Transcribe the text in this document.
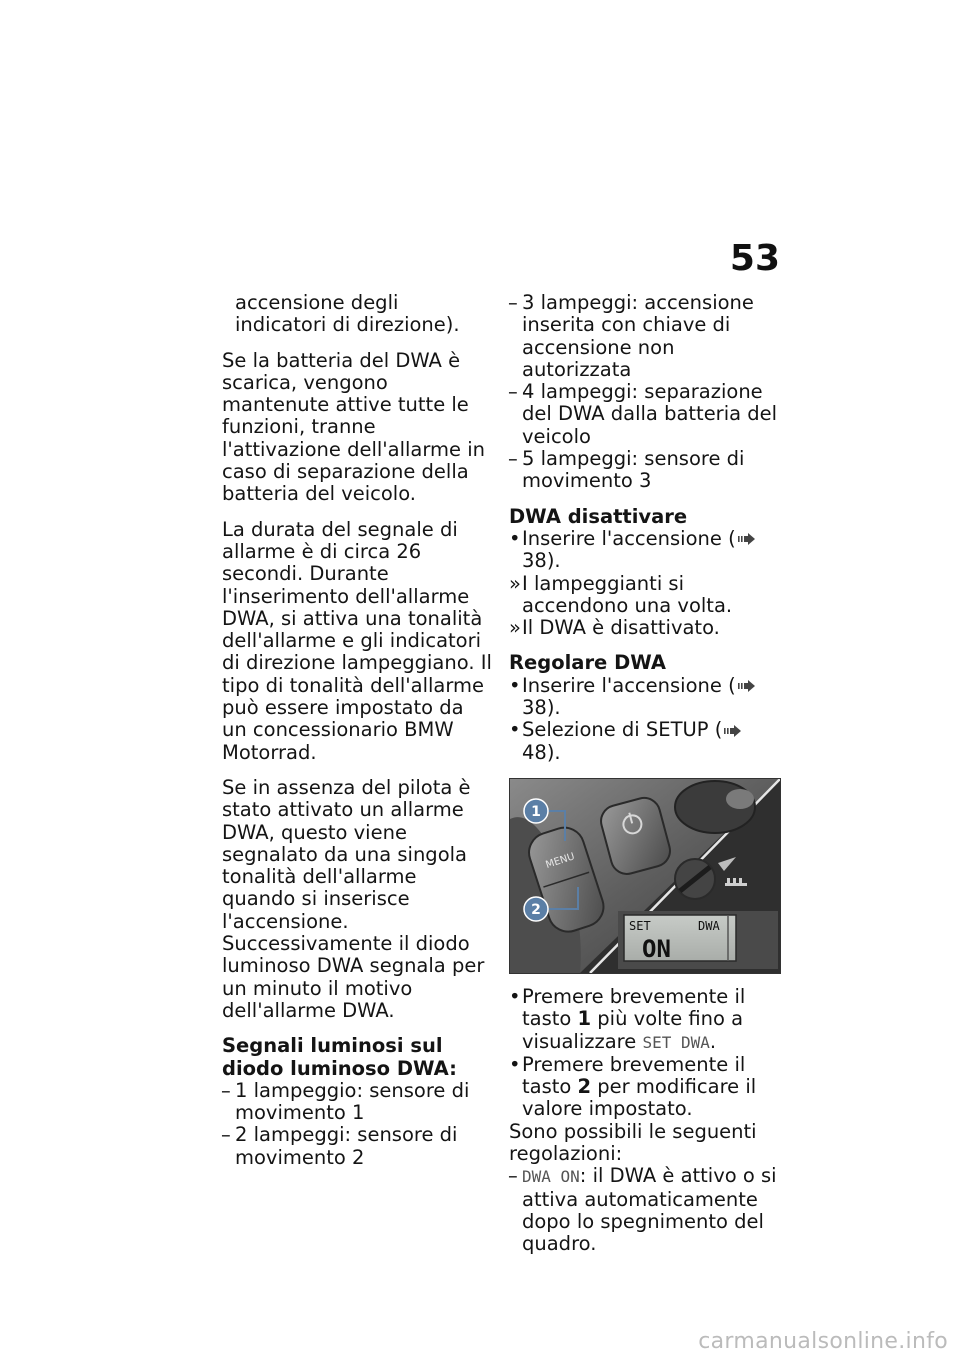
53

accensione degli indicatori di direzione).

Se la batteria del DWA è scarica, vengono mantenute attive tutte le funzioni, tranne l'attivazione dell'allarme in caso di separazione della batteria del veicolo.

La durata del segnale di allarme è di circa 26 secondi. Durante l'inserimento dell'allarme DWA, si attiva una tonalità dell'allarme e gli indicatori di direzione lampeggiano. Il tipo di tonalità dell'allarme può essere impostato da un concessionario BMW Motorrad.

Se in assenza del pilota è stato attivato un allarme DWA, questo viene segnalato da una singola tonalità dell'allarme quando si inserisce l'accensione. Successivamente il diodo luminoso DWA segnala per un minuto il motivo dell'allarme DWA.

Segnali luminosi sul diodo luminoso DWA:
– 1 lampeggio: sensore di movimento 1
– 2 lampeggi: sensore di movimento 2
– 3 lampeggi: accensione inserita con chiave di accensione non autorizzata
– 4 lampeggi: separazione del DWA dalla batteria del veicolo
– 5 lampeggi: sensore di movimento 3
DWA disattivare
• Inserire l'accensione (38).
» I lampeggianti si accendono una volta.
» Il DWA è disattivato.
Regolare DWA
• Inserire l'accensione (38).
• Selezione di SETUP (48).
MENU
SET	DWA
ON
1
2
• Premere brevemente il tasto 1 più volte fino a visualizzare SET DWA.
• Premere brevemente il tasto 2 per modificare il valore impostato.
Sono possibili le seguenti regolazioni:
– DWA ON: il DWA è attivo o si attiva automaticamente dopo lo spegnimento del quadro.
carmanualsonline.info
